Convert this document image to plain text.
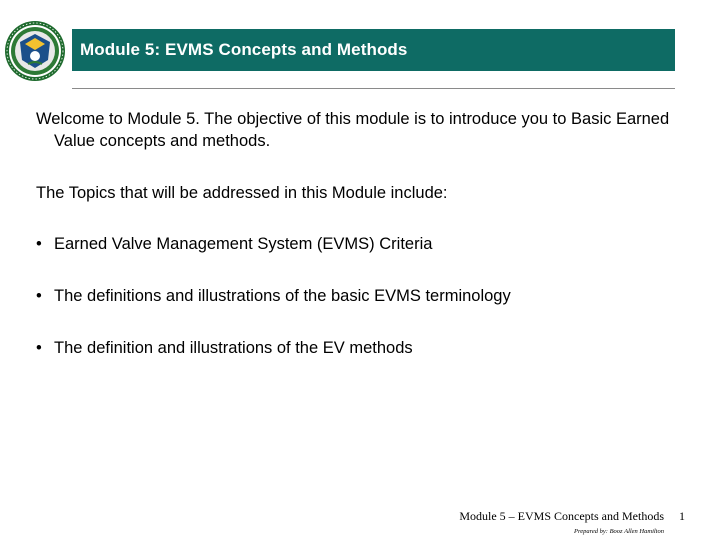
Module 5: EVMS Concepts and Methods

Welcome to Module 5. The objective of this module is to introduce you to Basic Earned Value concepts and methods.

The Topics that will be addressed in this Module include:

• Earned Valve Management System (EVMS) Criteria
• The definitions and illustrations of the basic EVMS terminology
• The definition and illustrations of the EV methods
Module 5 – EVMS Concepts and Methods
Prepared by: Booz Allen Hamilton
1
